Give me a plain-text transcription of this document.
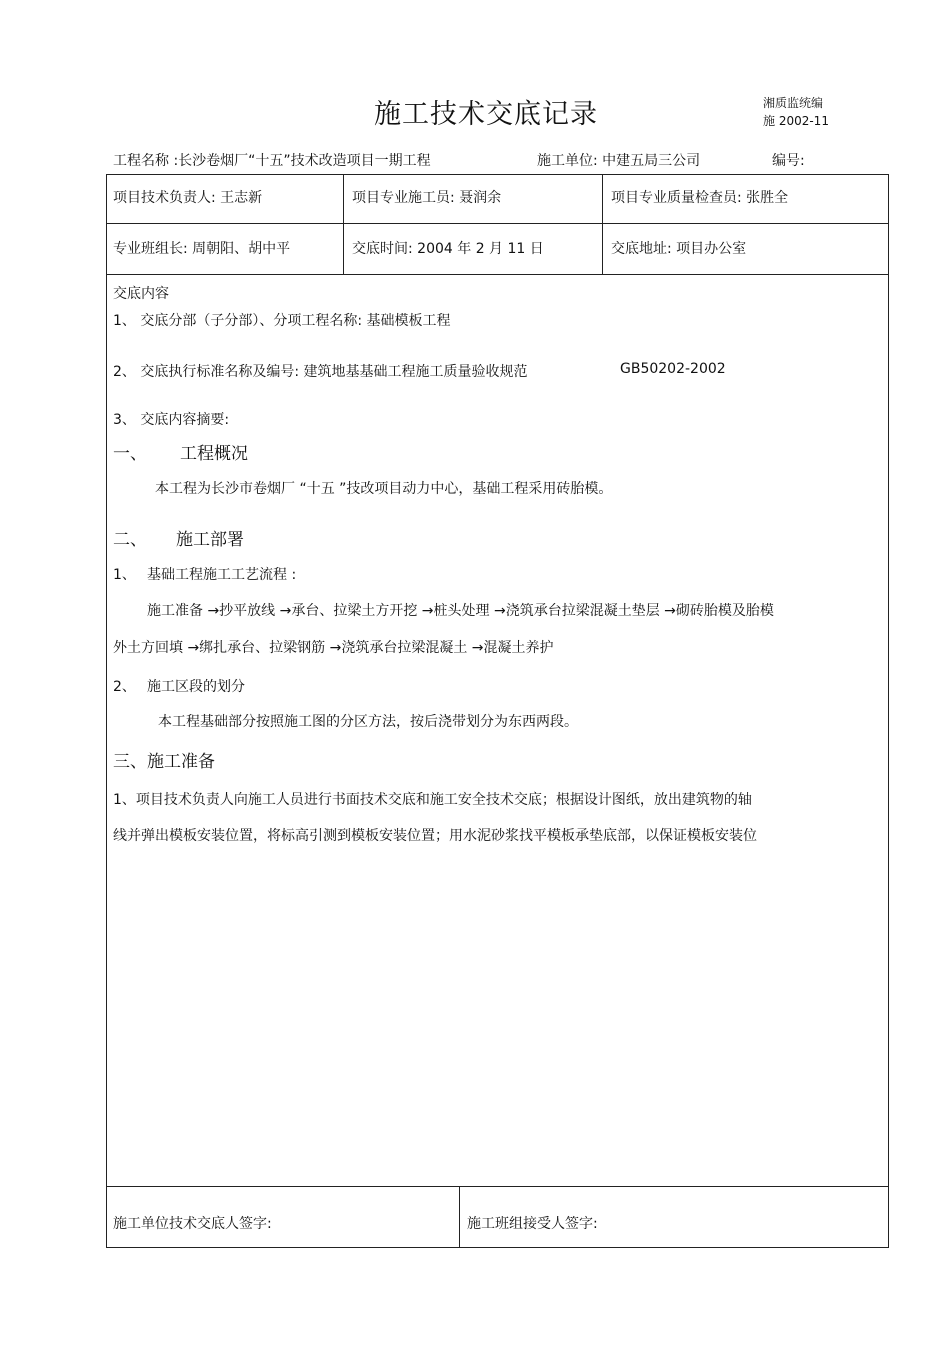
施工技术交底记录	湘质监统编
施 2002-11
工程名称 :长沙卷烟厂“十五”技术改造项目一期工程	施工单位: 中建五局三公司	编号:
项目技术负责人: 王志新	项目专业施工员: 聂润余	项目专业质量检查员: 张胜全
专业班组长: 周朝阳、胡中平	交底时间: 2004 年 2 月 11 日	交底地址: 项目办公室
交底内容
1、 交底分部（子分部）、分项工程名称: 基础模板工程
2、 交底执行标准名称及编号: 建筑地基基础工程施工质量验收规范	GB50202-2002
3、 交底内容摘要:
一、 工程概况
本工程为长沙市卷烟厂 “十五 ”技改项目动力中心，基础工程采用砖胎模。
二、 施工部署
1、 基础工程施工工艺流程 :
施工准备 →抄平放线 →承台、拉梁土方开挖 →桩头处理 →浇筑承台拉梁混凝土垫层 →砌砖胎模及胎模
外土方回填 →绑扎承台、拉梁钢筋 →浇筑承台拉梁混凝土 →混凝土养护
2、 施工区段的划分
本工程基础部分按照施工图的分区方法，按后浇带划分为东西两段。
三、施工准备
1、项目技术负责人向施工人员进行书面技术交底和施工安全技术交底；根据设计图纸，放出建筑物的轴
线并弹出模板安装位置，将标高引测到模板安装位置；用水泥砂浆找平模板承垫底部，以保证模板安装位
施工单位技术交底人签字:	施工班组接受人签字:
